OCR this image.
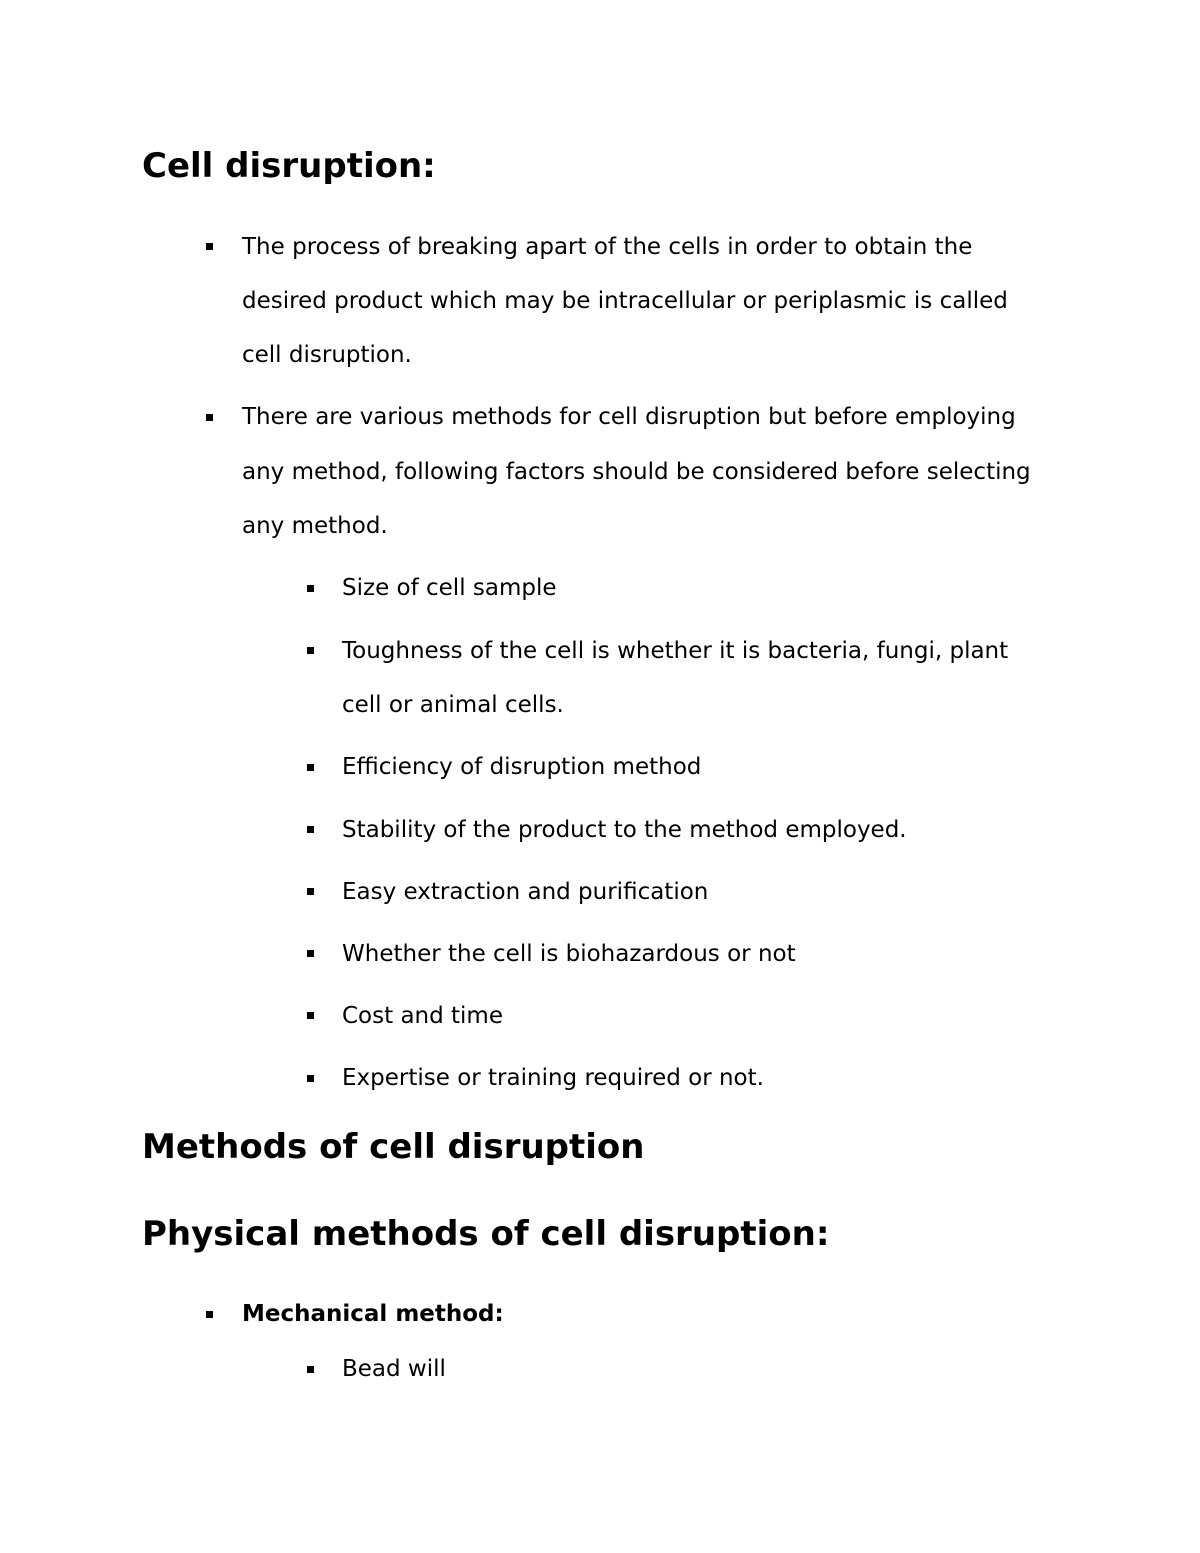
Cell disruption:

The process of breaking apart of the cells in order to obtain the

desired product which may be intracellular or periplasmic is called

cell disruption.

There are various methods for cell disruption but before employing

any method, following factors should be considered before selecting

any method.

Size of cell sample

Toughness of the cell is whether it is bacteria, fungi, plant

cell or animal cells.

Efficiency of disruption method

Stability of the product to the method employed.

Easy extraction and purification

Whether the cell is biohazardous or not

Cost and time

Expertise or training required or not.

Methods of cell disruption
Physical methods of cell disruption:

Mechanical method:

Bead will
